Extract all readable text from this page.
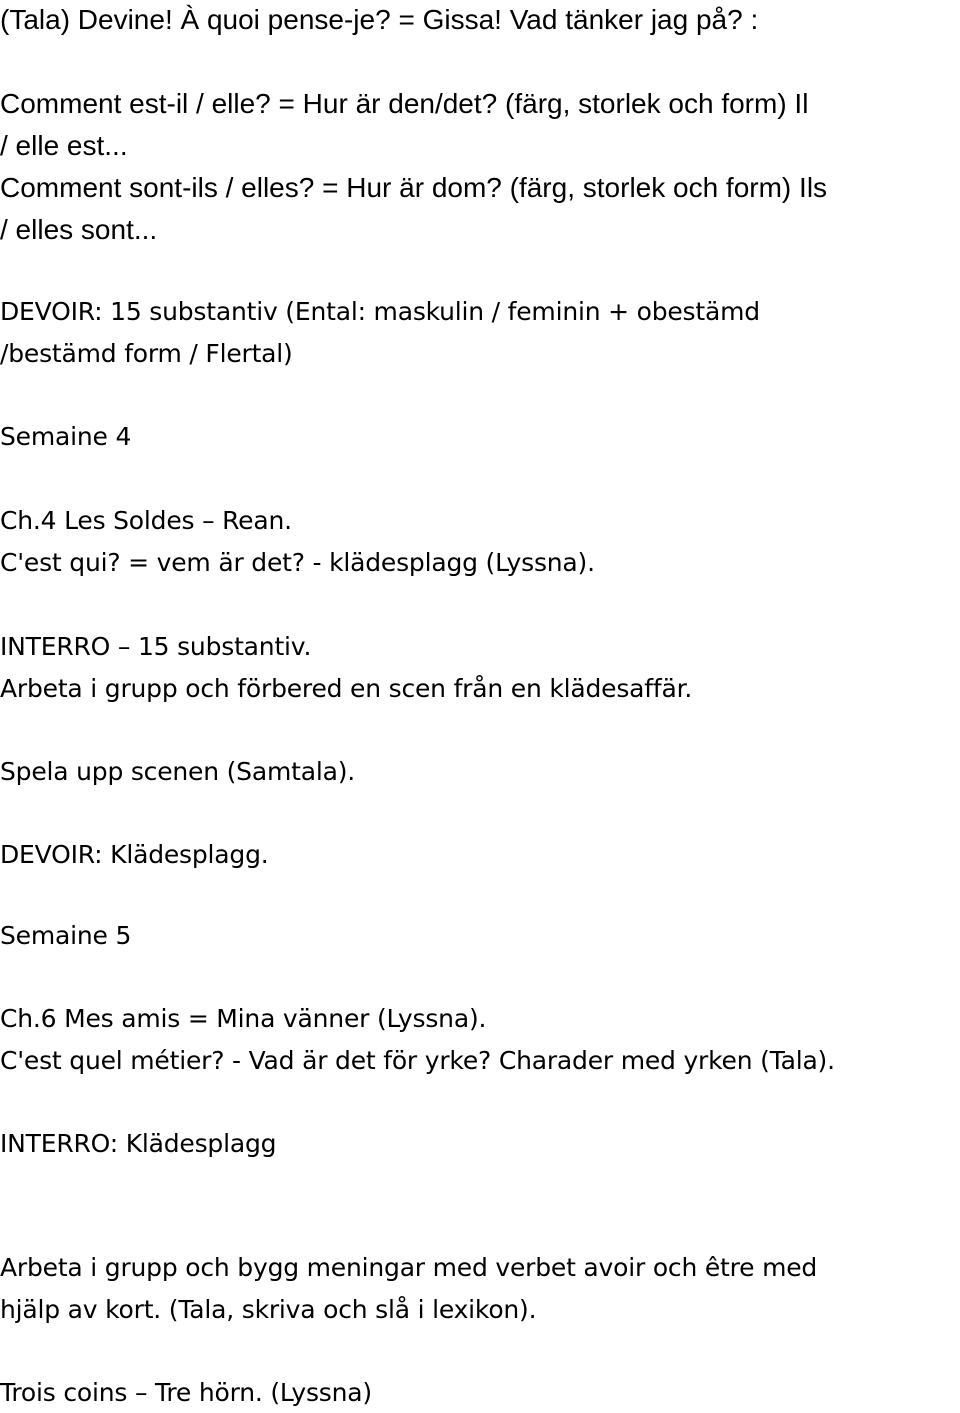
(Tala) Devine! À quoi pense-je? = Gissa! Vad tänker jag på? :

Comment est-il / elle? = Hur är den/det? (färg, storlek och form) Il

/ elle est...

Comment sont-ils / elles? = Hur är dom? (färg, storlek och form) Ils

/ elles sont...

DEVOIR: 15 substantiv (Ental: maskulin / feminin + obestämd

/bestämd form / Flertal)

Semaine 4

Ch.4 Les Soldes – Rean.

C'est qui? = vem är det? - klädesplagg (Lyssna).

INTERRO – 15 substantiv.

Arbeta i grupp och förbered en scen från en klädesaffär.

Spela upp scenen (Samtala).

DEVOIR: Klädesplagg.

Semaine 5

Ch.6 Mes amis = Mina vänner (Lyssna).

C'est quel métier? - Vad är det för yrke? Charader med yrken (Tala).

INTERRO: Klädesplagg

Arbeta i grupp och bygg meningar med verbet avoir och être med

hjälp av kort. (Tala, skriva och slå i lexikon).

Trois coins – Tre hörn. (Lyssna)
